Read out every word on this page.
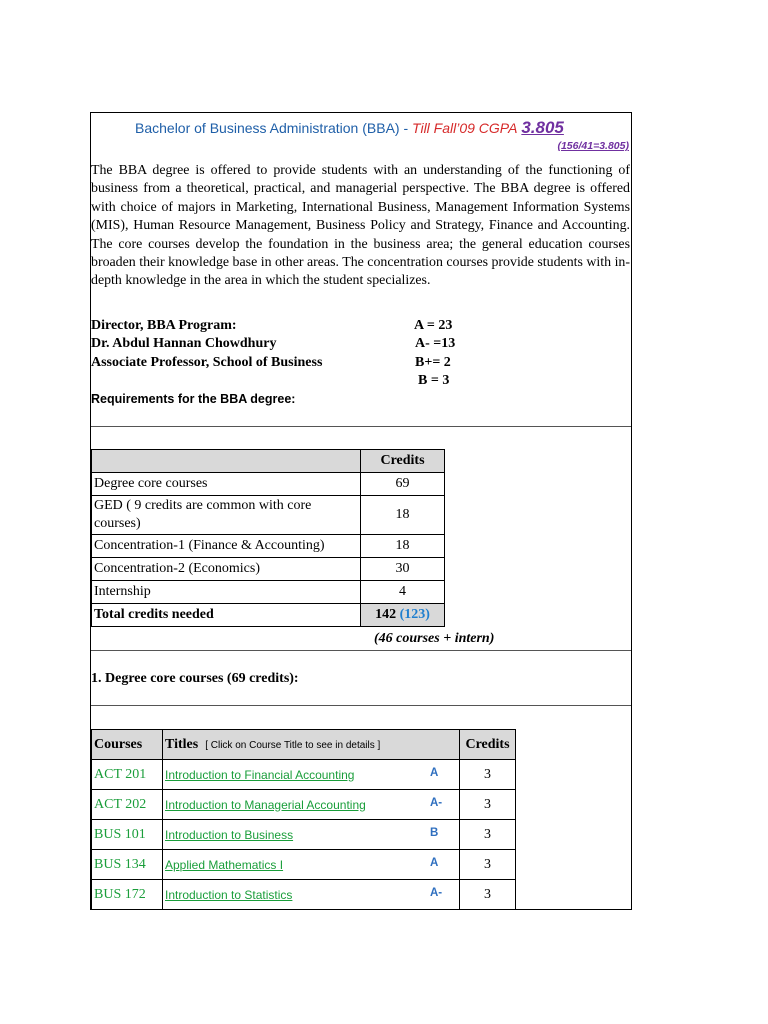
Bachelor of Business Administration (BBA) - Till Fall’09 CGPA 3.805
(156/41=3.805)

The BBA degree is offered to provide students with an understanding of the functioning of business from a theoretical, practical, and managerial perspective. The BBA degree is offered with choice of majors in Marketing, International Business, Management Information Systems (MIS), Human Resource Management, Business Policy and Strategy, Finance and Accounting. The core courses develop the foundation in the business area; the general education courses broaden their knowledge base in other areas. The concentration courses provide students with in-depth knowledge in the area in which the student specializes.

Director, BBA Program:
Dr. Abdul Hannan Chowdhury
Associate Professor, School of Business
A = 23
A- =13
B+= 2
B = 3
Requirements for the BBA degree:
	Credits
Degree core courses	69
GED ( 9 credits are common with core courses)	18
Concentration-1 (Finance & Accounting)	18
Concentration-2 (Economics)	30
Internship	4
Total credits needed	142 (123)
(46 courses + intern)
1. Degree core courses (69 credits):
Courses	Titles [ Click on Course Title to see in details ]	Credits
ACT 201	Introduction to Financial Accounting A	3
ACT 202	Introduction to Managerial Accounting A-	3
BUS 101	Introduction to Business B	3
BUS 134	Applied Mathematics I A	3
BUS 172	Introduction to Statistics A-	3
